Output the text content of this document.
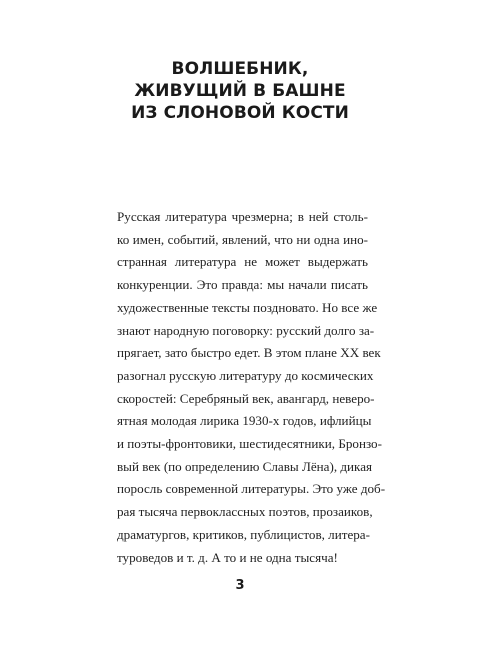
ВОЛШЕБНИК,
ЖИВУЩИЙ В БАШНЕ
ИЗ СЛОНОВОЙ КОСТИ
Русская литература чрезмерна; в ней столь-
ко имен, событий, явлений, что ни одна ино-
странная литература не может выдержать
конкуренции. Это правда: мы начали писать
художественные тексты поздновато. Но все же
знают народную поговорку: русский долго за-
прягает, зато быстро едет. В этом плане XX век
разогнал русскую литературу до космических
скоростей: Серебряный век, авангард, неверо-
ятная молодая лирика 1930-х годов, ифлийцы
и поэты-фронтовики, шестидесятники, Бронзо-
вый век (по определению Славы Лёна), дикая
поросль современной литературы. Это уже доб-
рая тысяча первоклассных поэтов, прозаиков,
драматургов, критиков, публицистов, литера-
туроведов и т. д. А то и не одна тысяча!
3
